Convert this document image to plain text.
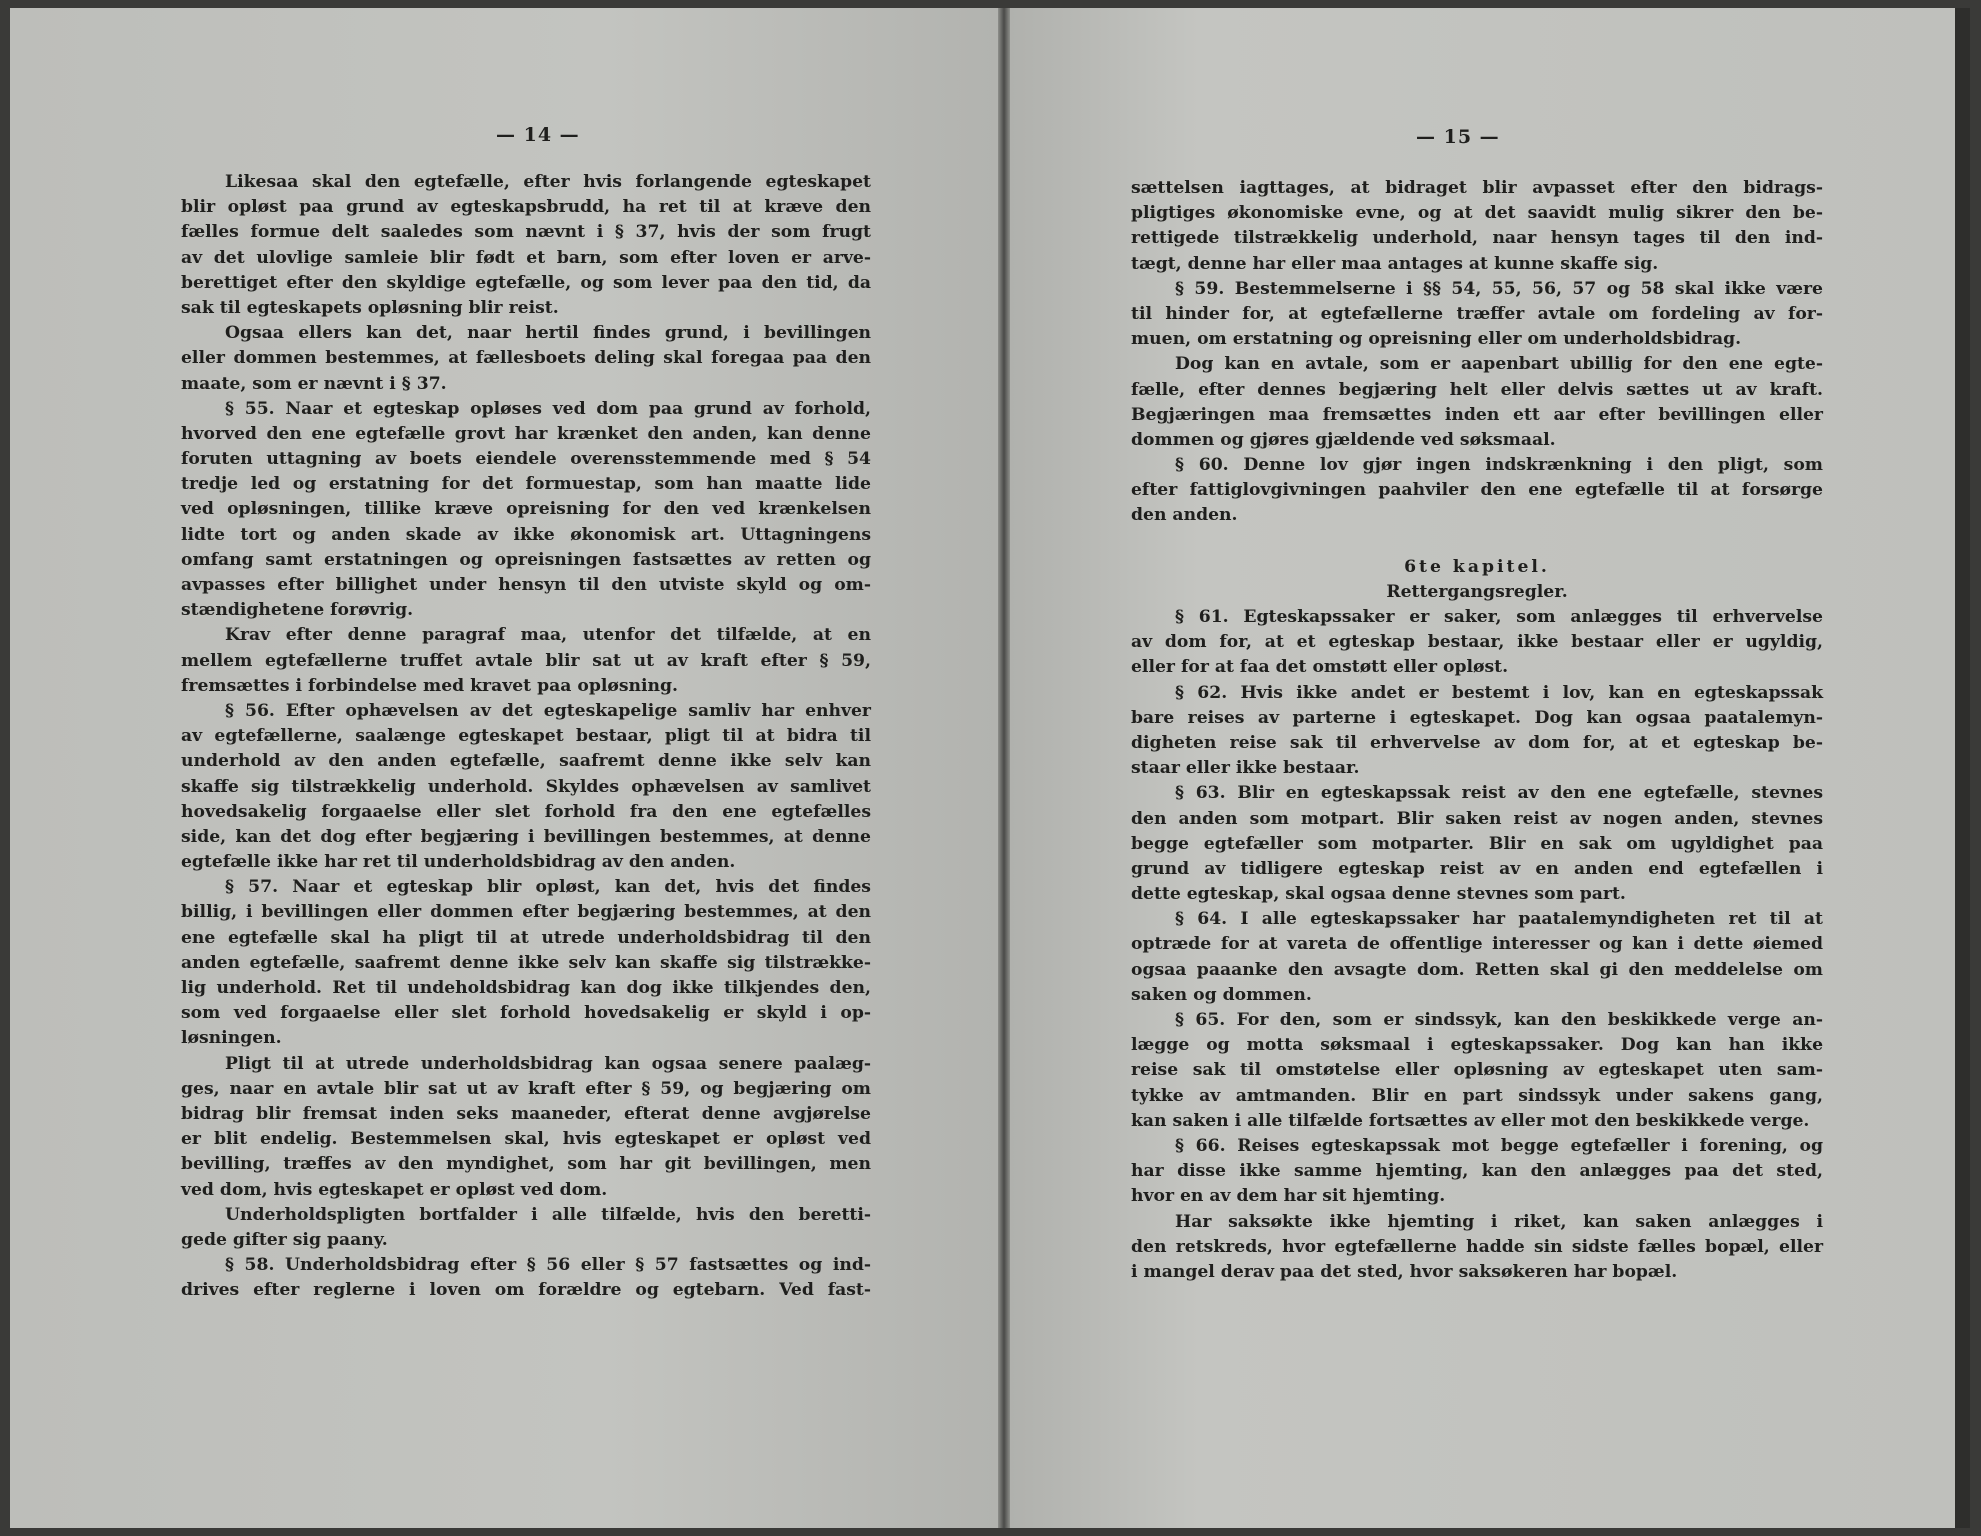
— 14 —
Likesaa skal den egtefælle, efter hvis forlangende egteskapet
blir opløst paa grund av egteskapsbrudd, ha ret til at kræve den
fælles formue delt saaledes som nævnt i § 37, hvis der som frugt
av det ulovlige samleie blir født et barn, som efter loven er arve-
berettiget efter den skyldige egtefælle, og som lever paa den tid, da
sak til egteskapets opløsning blir reist.
Ogsaa ellers kan det, naar hertil findes grund, i bevillingen
eller dommen bestemmes, at fællesboets deling skal foregaa paa den
maate, som er nævnt i § 37.
§ 55. Naar et egteskap opløses ved dom paa grund av forhold,
hvorved den ene egtefælle grovt har krænket den anden, kan denne
foruten uttagning av boets eiendele overensstemmende med § 54
tredje led og erstatning for det formuestap, som han maatte lide
ved opløsningen, tillike kræve opreisning for den ved krænkelsen
lidte tort og anden skade av ikke økonomisk art. Uttagningens
omfang samt erstatningen og opreisningen fastsættes av retten og
avpasses efter billighet under hensyn til den utviste skyld og om-
stændighetene forøvrig.
Krav efter denne paragraf maa, utenfor det tilfælde, at en
mellem egtefællerne truffet avtale blir sat ut av kraft efter § 59,
fremsættes i forbindelse med kravet paa opløsning.
§ 56. Efter ophævelsen av det egteskapelige samliv har enhver
av egtefællerne, saalænge egteskapet bestaar, pligt til at bidra til
underhold av den anden egtefælle, saafremt denne ikke selv kan
skaffe sig tilstrækkelig underhold. Skyldes ophævelsen av samlivet
hovedsakelig forgaaelse eller slet forhold fra den ene egtefælles
side, kan det dog efter begjæring i bevillingen bestemmes, at denne
egtefælle ikke har ret til underholdsbidrag av den anden.
§ 57. Naar et egteskap blir opløst, kan det, hvis det findes
billig, i bevillingen eller dommen efter begjæring bestemmes, at den
ene egtefælle skal ha pligt til at utrede underholdsbidrag til den
anden egtefælle, saafremt denne ikke selv kan skaffe sig tilstrække-
lig underhold. Ret til undeholdsbidrag kan dog ikke tilkjendes den,
som ved forgaaelse eller slet forhold hovedsakelig er skyld i op-
løsningen.
Pligt til at utrede underholdsbidrag kan ogsaa senere paalæg-
ges, naar en avtale blir sat ut av kraft efter § 59, og begjæring om
bidrag blir fremsat inden seks maaneder, efterat denne avgjørelse
er blit endelig. Bestemmelsen skal, hvis egteskapet er opløst ved
bevilling, træffes av den myndighet, som har git bevillingen, men
ved dom, hvis egteskapet er opløst ved dom.
Underholdspligten bortfalder i alle tilfælde, hvis den beretti-
gede gifter sig paany.
§ 58. Underholdsbidrag efter § 56 eller § 57 fastsættes og ind-
drives efter reglerne i loven om forældre og egtebarn. Ved fast-
— 15 —
sættelsen iagttages, at bidraget blir avpasset efter den bidrags-
pligtiges økonomiske evne, og at det saavidt mulig sikrer den be-
rettigede tilstrækkelig underhold, naar hensyn tages til den ind-
tægt, denne har eller maa antages at kunne skaffe sig.
§ 59. Bestemmelserne i §§ 54, 55, 56, 57 og 58 skal ikke være
til hinder for, at egtefællerne træffer avtale om fordeling av for-
muen, om erstatning og opreisning eller om underholdsbidrag.
Dog kan en avtale, som er aapenbart ubillig for den ene egte-
fælle, efter dennes begjæring helt eller delvis sættes ut av kraft.
Begjæringen maa fremsættes inden ett aar efter bevillingen eller
dommen og gjøres gjældende ved søksmaal.
§ 60. Denne lov gjør ingen indskrænkning i den pligt, som
efter fattiglovgivningen paahviler den ene egtefælle til at forsørge
den anden.
6te kapitel.
Rettergangsregler.
§ 61. Egteskapssaker er saker, som anlægges til erhvervelse
av dom for, at et egteskap bestaar, ikke bestaar eller er ugyldig,
eller for at faa det omstøtt eller opløst.
§ 62. Hvis ikke andet er bestemt i lov, kan en egteskapssak
bare reises av parterne i egteskapet. Dog kan ogsaa paatalemyn-
digheten reise sak til erhvervelse av dom for, at et egteskap be-
staar eller ikke bestaar.
§ 63. Blir en egteskapssak reist av den ene egtefælle, stevnes
den anden som motpart. Blir saken reist av nogen anden, stevnes
begge egtefæller som motparter. Blir en sak om ugyldighet paa
grund av tidligere egteskap reist av en anden end egtefællen i
dette egteskap, skal ogsaa denne stevnes som part.
§ 64. I alle egteskapssaker har paatalemyndigheten ret til at
optræde for at vareta de offentlige interesser og kan i dette øiemed
ogsaa paaanke den avsagte dom. Retten skal gi den meddelelse om
saken og dommen.
§ 65. For den, som er sindssyk, kan den beskikkede verge an-
lægge og motta søksmaal i egteskapssaker. Dog kan han ikke
reise sak til omstøtelse eller opløsning av egteskapet uten sam-
tykke av amtmanden. Blir en part sindssyk under sakens gang,
kan saken i alle tilfælde fortsættes av eller mot den beskikkede verge.
§ 66. Reises egteskapssak mot begge egtefæller i forening, og
har disse ikke samme hjemting, kan den anlægges paa det sted,
hvor en av dem har sit hjemting.
Har saksøkte ikke hjemting i riket, kan saken anlægges i
den retskreds, hvor egtefællerne hadde sin sidste fælles bopæl, eller
i mangel derav paa det sted, hvor saksøkeren har bopæl.
